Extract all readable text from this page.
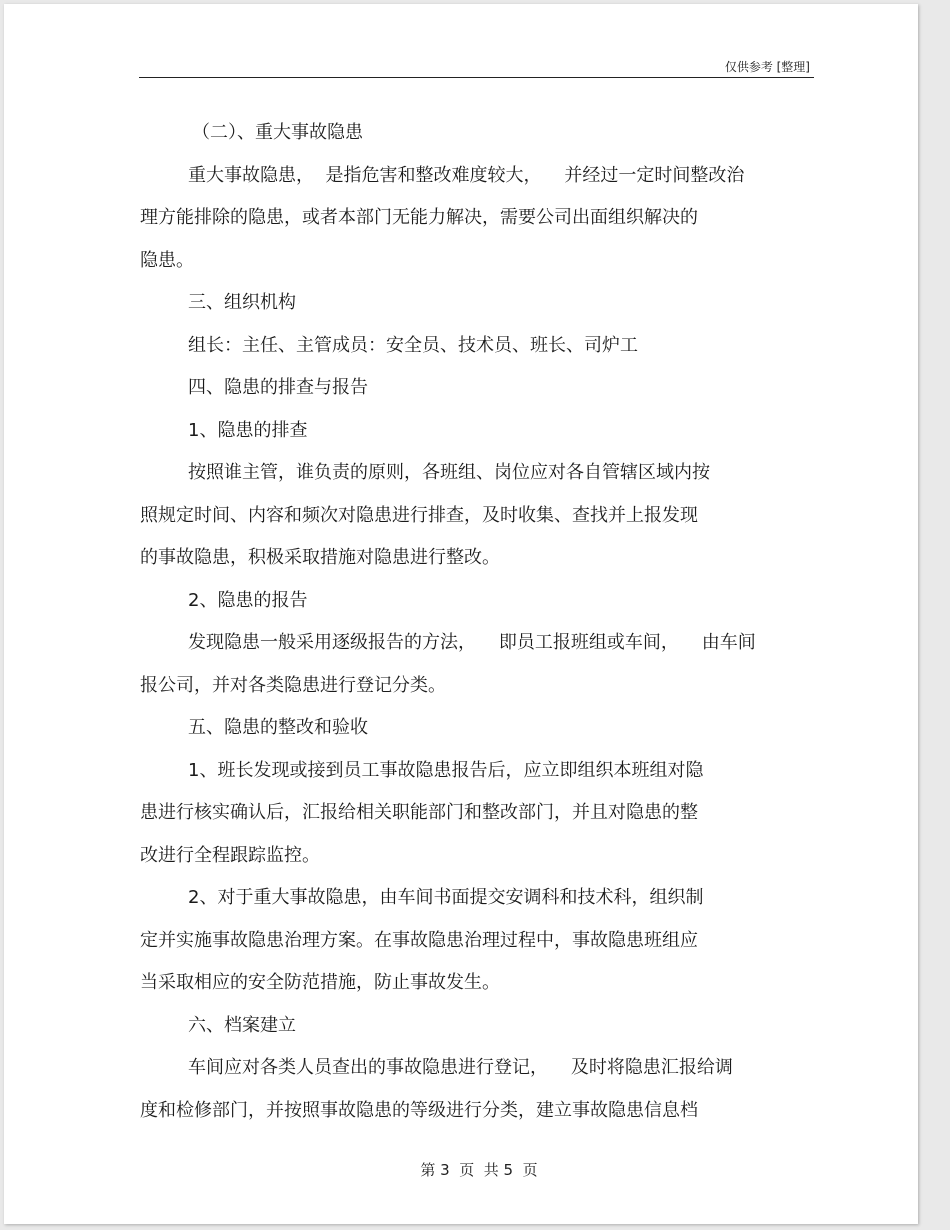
仅供参考 [整理]
（二）、重大事故隐患
重大事故隐患，  是指危害和整改难度较大，    并经过一定时间整改治
理方能排除的隐患，或者本部门无能力解决，需要公司出面组织解决的
隐患。
三、组织机构
组长：主任、主管成员：安全员、技术员、班长、司炉工
四、隐患的排查与报告
1、隐患的排查
按照谁主管，谁负责的原则，各班组、岗位应对各自管辖区域内按
照规定时间、内容和频次对隐患进行排查，及时收集、查找并上报发现
的事故隐患，积极采取措施对隐患进行整改。
2、隐患的报告
发现隐患一般采用逐级报告的方法，    即员工报班组或车间，    由车间
报公司，并对各类隐患进行登记分类。
五、隐患的整改和验收
1、班长发现或接到员工事故隐患报告后，应立即组织本班组对隐
患进行核实确认后，汇报给相关职能部门和整改部门，并且对隐患的整
改进行全程跟踪监控。
2、对于重大事故隐患，由车间书面提交安调科和技术科，组织制
定并实施事故隐患治理方案。在事故隐患治理过程中，事故隐患班组应
当采取相应的安全防范措施，防止事故发生。
六、档案建立
车间应对各类人员查出的事故隐患进行登记，    及时将隐患汇报给调
度和检修部门，并按照事故隐患的等级进行分类，建立事故隐患信息档
第 3  页  共 5  页
